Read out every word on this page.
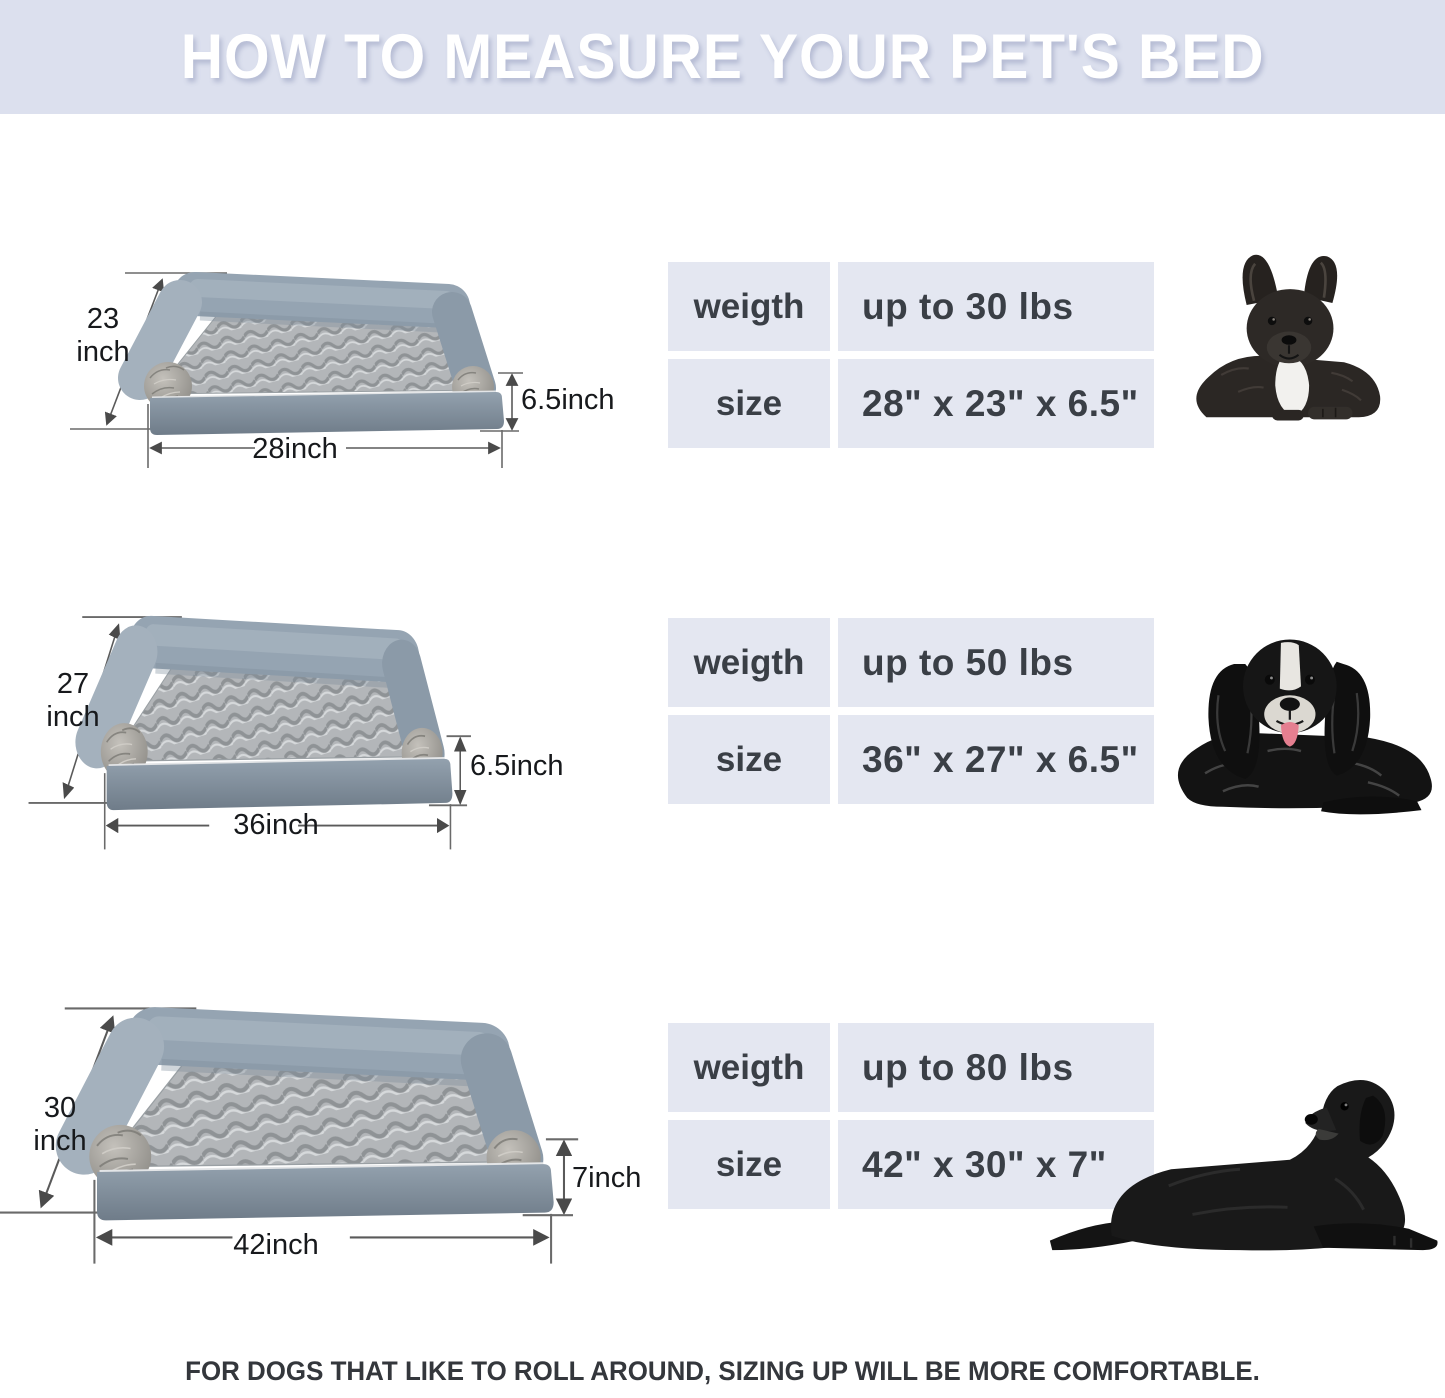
HOW TO MEASURE YOUR PET'S BED
23
inch
6.5inch
28inch
weigth	up to 30 lbs
size	28" x 23" x 6.5"
27
inch
6.5inch
36inch
weigth	up to 50 lbs
size	36" x 27" x 6.5"
30
inch
7inch
42inch
weigth	up to 80 lbs
size	42" x 30" x 7"
FOR DOGS THAT LIKE TO ROLL AROUND, SIZING UP WILL BE MORE COMFORTABLE.
